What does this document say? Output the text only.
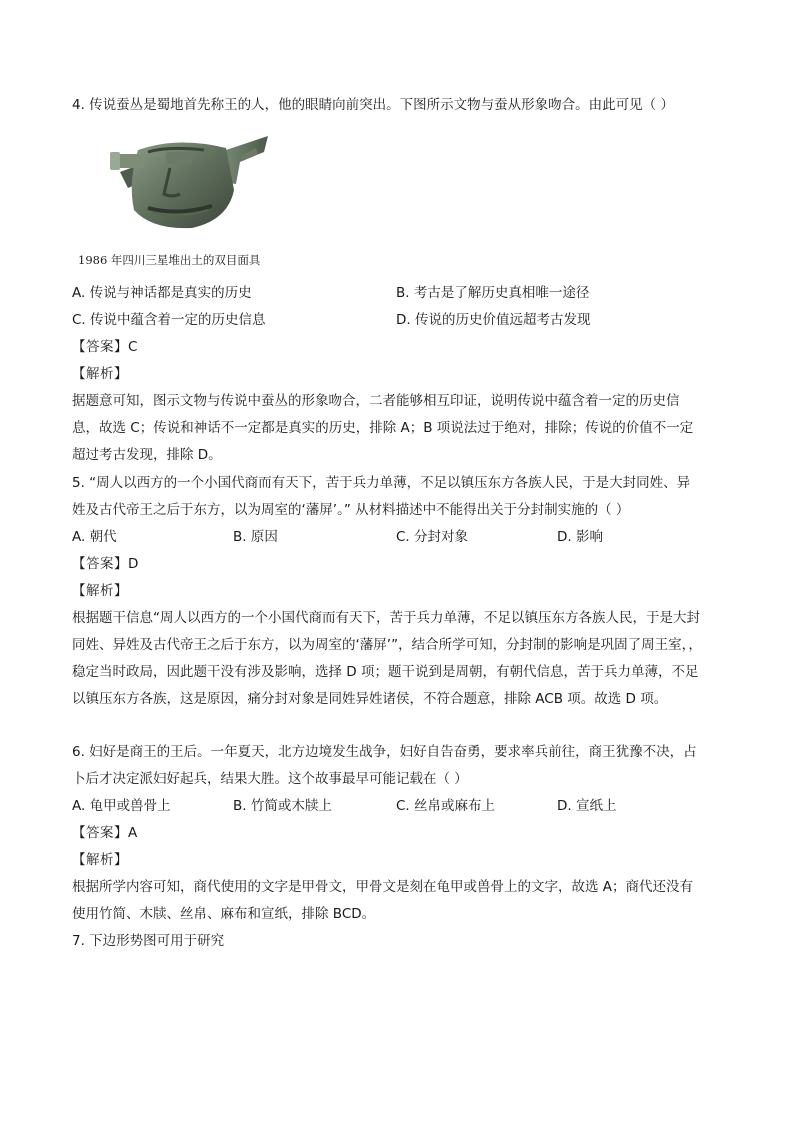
4. 传说蚕丛是蜀地首先称王的人，他的眼睛向前突出。下图所示文物与蚕从形象吻合。由此可见（ ）
1986 年四川三星堆出土的双目面具
A. 传说与神话都是真实的历史	B. 考古是了解历史真相唯一途径
C. 传说中蕴含着一定的历史信息	D. 传说的历史价值远超考古发现
【答案】C
【解析】
据题意可知，图示文物与传说中蚕丛的形象吻合，二者能够相互印证，说明传说中蕴含着一定的历史信
息，故选 C；传说和神话不一定都是真实的历史，排除 A；B 项说法过于绝对，排除；传说的价值不一定
超过考古发现，排除 D。
5. “周人以西方的一个小国代商而有天下，苦于兵力单薄，不足以镇压东方各族人民，于是大封同姓、异
姓及古代帝王之后于东方，以为周室的‘藩屏’。” 从材料描述中不能得出关于分封制实施的（ ）
A. 朝代	B. 原因	C. 分封对象	D. 影响
【答案】D
【解析】
根据题干信息“周人以西方的一个小国代商而有天下，苦于兵力单薄，不足以镇压东方各族人民，于是大封
同姓、异姓及古代帝王之后于东方，以为周室的‘藩屏’”，结合所学可知，分封制的影响是巩固了周王室，，
稳定当时政局，因此题干没有涉及影响，选择 D 项；题干说到是周朝，有朝代信息，苦于兵力单薄，不足
以镇压东方各族，这是原因，痛分封对象是同姓异姓诸侯，不符合题意，排除 ACB 项。故选 D 项。
6. 妇好是商王的王后。一年夏天，北方边境发生战争，妇好自告奋勇，要求率兵前往，商王犹豫不决，占
卜后才决定派妇好起兵，结果大胜。这个故事最早可能记载在（ ）
A. 龟甲或兽骨上	B. 竹简或木牍上	C. 丝帛或麻布上	D. 宣纸上
【答案】A
【解析】
根据所学内容可知，商代使用的文字是甲骨文，甲骨文是刻在龟甲或兽骨上的文字，故选 A；商代还没有
使用竹简、木牍、丝帛、麻布和宣纸，排除 BCD。
7. 下边形势图可用于研究
